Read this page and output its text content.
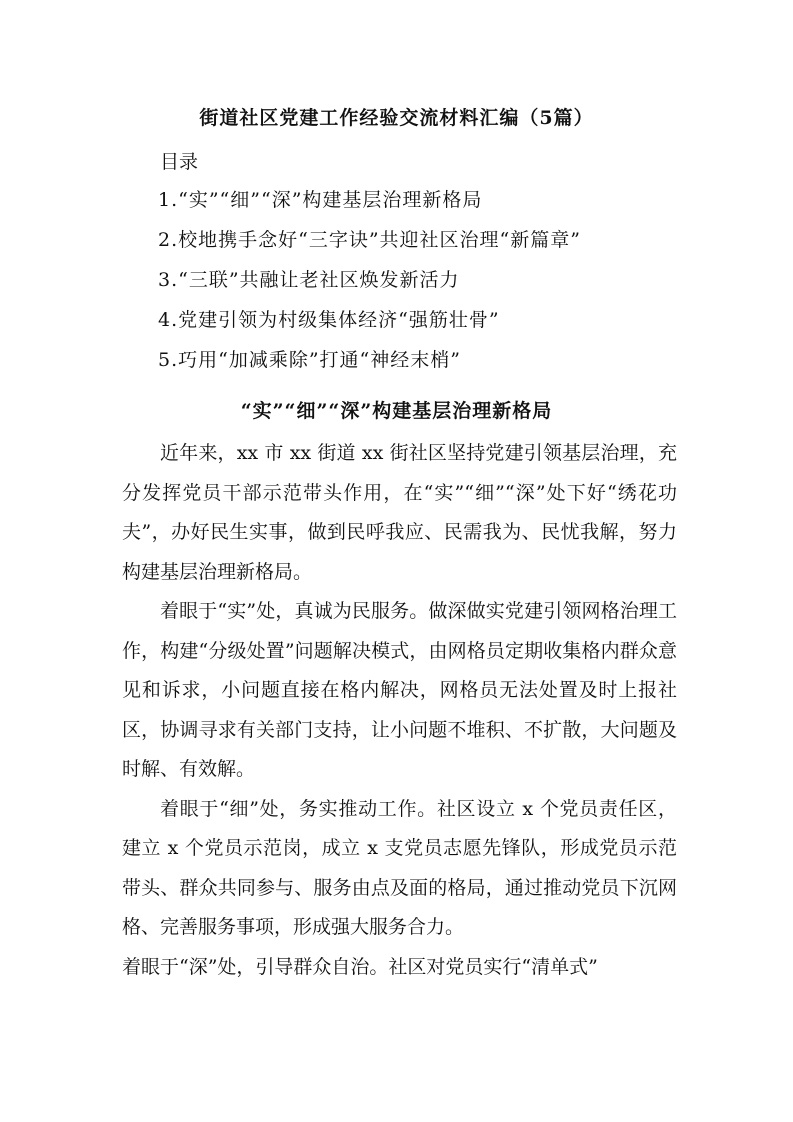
街道社区党建工作经验交流材料汇编（5篇）
目录
1.“实”“细”“深”构建基层治理新格局
2.校地携手念好“三字诀”共迎社区治理“新篇章”
3.“三联”共融让老社区焕发新活力
4.党建引领为村级集体经济“强筋壮骨”
5.巧用“加减乘除”打通“神经末梢”
“实”“细”“深”构建基层治理新格局

近年来，xx 市 xx 街道 xx 街社区坚持党建引领基层治理，充分发挥党员干部示范带头作用，在“实”“细”“深”处下好“绣花功夫”，办好民生实事，做到民呼我应、民需我为、民忧我解，努力构建基层治理新格局。

着眼于“实”处，真诚为民服务。做深做实党建引领网格治理工作，构建“分级处置”问题解决模式，由网格员定期收集格内群众意见和诉求，小问题直接在格内解决，网格员无法处置及时上报社区，协调寻求有关部门支持，让小问题不堆积、不扩散，大问题及时解、有效解。

着眼于“细”处，务实推动工作。社区设立 x 个党员责任区，建立 x 个党员示范岗，成立 x 支党员志愿先锋队，形成党员示范带头、群众共同参与、服务由点及面的格局，通过推动党员下沉网格、完善服务事项，形成强大服务合力。

着眼于“深”处，引导群众自治。社区对党员实行“清单式”
